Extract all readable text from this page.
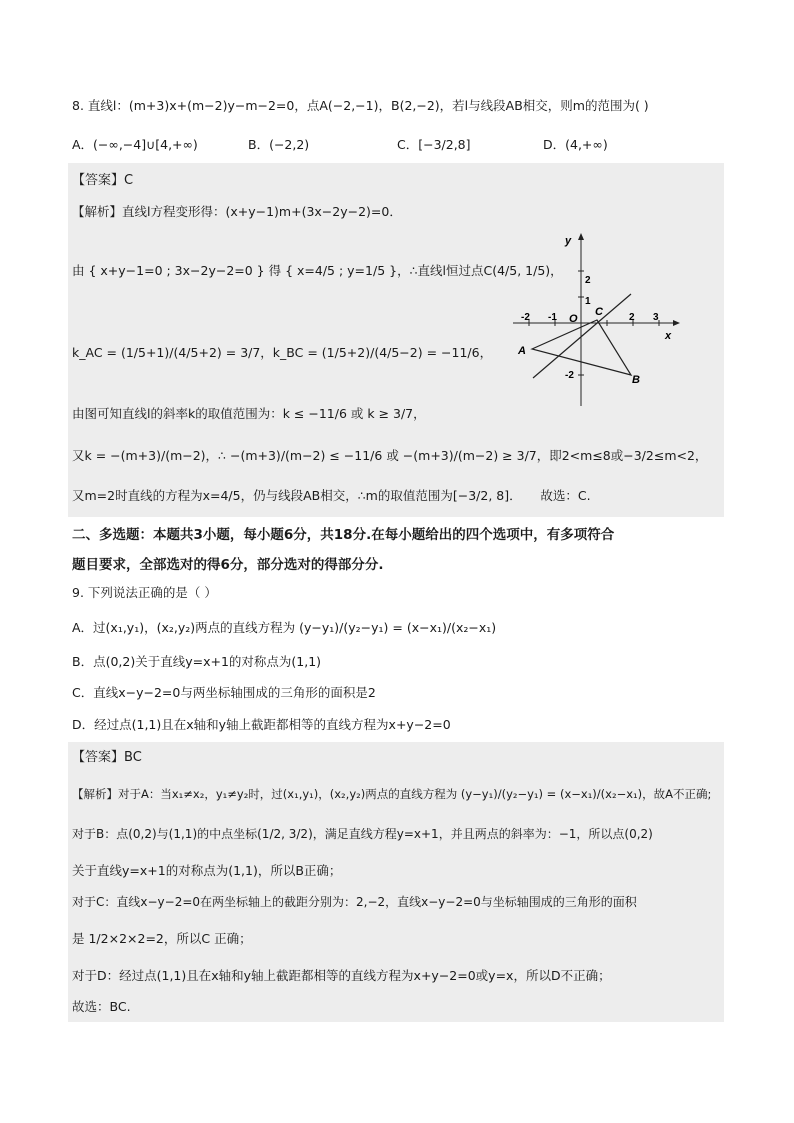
8. 直线l：(m+3)x+(m−2)y−m−2=0，点A(−2,−1)，B(2,−2)，若l与线段AB相交，则m的范围为( )
A．(−∞,−4]∪[4,+∞)	B．(−2,2)	C．[−3/2,8]	D．(4,+∞)
【答案】C
【解析】直线l方程变形得：(x+y−1)m+(3x−2y−2)=0．
由 { x+y−1=0 ; 3x−2y−2=0 } 得 { x=4/5 ; y=1/5 }，∴直线l恒过点C(4/5, 1/5)，
k_AC = (1/5+1)/(4/5+2) = 3/7，k_BC = (1/5+2)/(4/5−2) = −11/6，
由图可知直线l的斜率k的取值范围为：k ≤ −11/6 或 k ≥ 3/7，
又k = −(m+3)/(m−2)，∴ −(m+3)/(m−2) ≤ −11/6 或 −(m+3)/(m−2) ≥ 3/7，即2<m≤8或−3/2≤m<2，
又m=2时直线的方程为x=4/5，仍与线段AB相交，∴m的取值范围为[−3/2, 8]．　　故选：C.
x
y
-2 -1	2 3
2
1
-2
O
A
B
C
二、多选题：本题共3小题，每小题6分，共18分.在每小题给出的四个选项中，有多项符合
题目要求，全部选对的得6分，部分选对的得部分分.
9. 下列说法正确的是（ ）
A．过(x₁,y₁)，(x₂,y₂)两点的直线方程为 (y−y₁)/(y₂−y₁) = (x−x₁)/(x₂−x₁)
B．点(0,2)关于直线y=x+1的对称点为(1,1)
C．直线x−y−2=0与两坐标轴围成的三角形的面积是2
D．经过点(1,1)且在x轴和y轴上截距都相等的直线方程为x+y−2=0
【答案】BC
【解析】对于A：当x₁≠x₂，y₁≠y₂时，过(x₁,y₁)，(x₂,y₂)两点的直线方程为 (y−y₁)/(y₂−y₁) = (x−x₁)/(x₂−x₁)，故A不正确;
对于B：点(0,2)与(1,1)的中点坐标(1/2, 3/2)，满足直线方程y=x+1，并且两点的斜率为：−1，所以点(0,2)
关于直线y=x+1的对称点为(1,1)，所以B正确；
对于C：直线x−y−2=0在两坐标轴上的截距分别为：2,−2，直线x−y−2=0与坐标轴围成的三角形的面积
是 1/2×2×2=2，所以C 正确；
对于D：经过点(1,1)且在x轴和y轴上截距都相等的直线方程为x+y−2=0或y=x，所以D不正确；
故选：BC.
